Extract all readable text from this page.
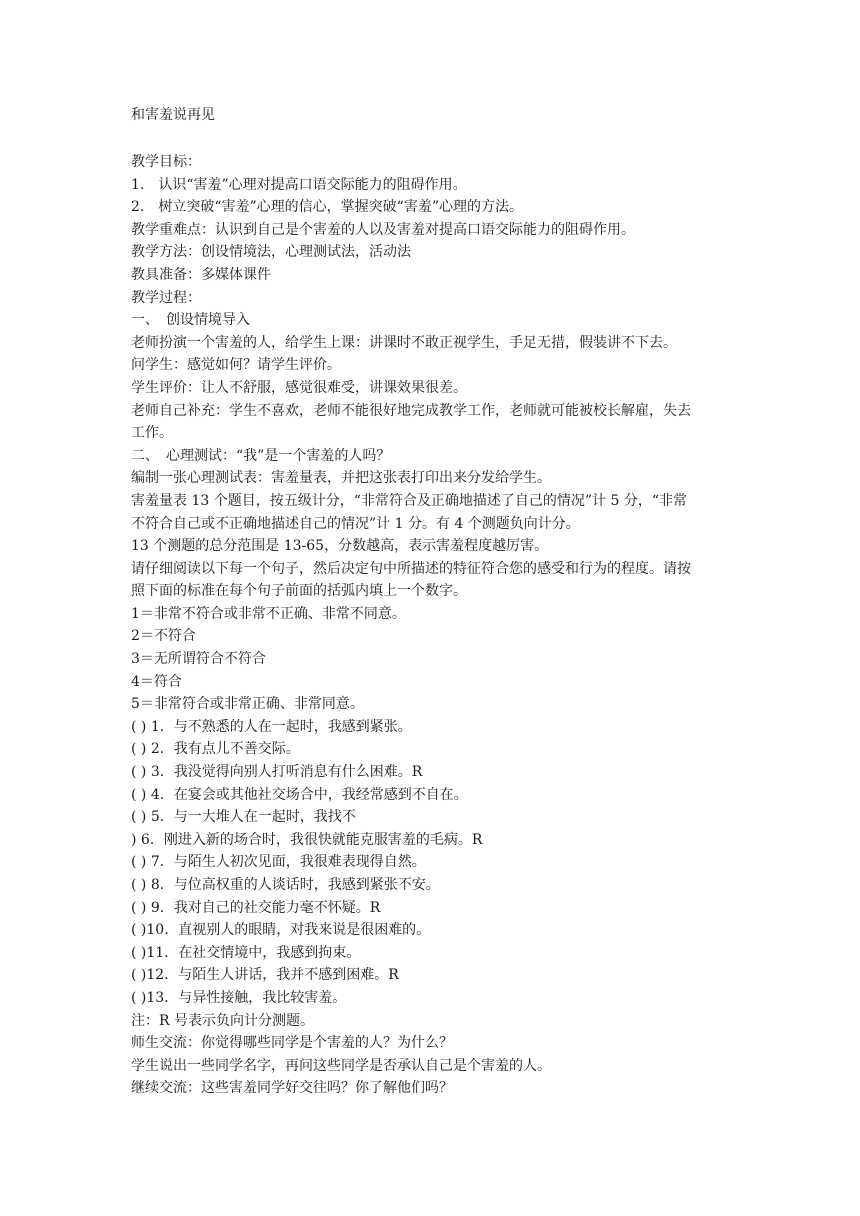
和害羞说再见
教学目标：
1.　认识“害羞”心理对提高口语交际能力的阻碍作用。
2.　树立突破“害羞”心理的信心，掌握突破“害羞”心理的方法。
教学重难点：认识到自己是个害羞的人以及害羞对提高口语交际能力的阻碍作用。
教学方法：创设情境法，心理测试法，活动法
教具准备：多媒体课件
教学过程：
一、　创设情境导入
老师扮演一个害羞的人，给学生上课：讲课时不敢正视学生，手足无措，假装讲不下去。
问学生：感觉如何？请学生评价。
学生评价：让人不舒服，感觉很难受，讲课效果很差。
老师自己补充：学生不喜欢，老师不能很好地完成教学工作，老师就可能被校长解雇，失去
工作。
二、　心理测试：“我”是一个害羞的人吗？
编制一张心理测试表：害羞量表，并把这张表打印出来分发给学生。
害羞量表 13 个题目，按五级计分，“非常符合及正确地描述了自己的情况”计 5 分，“非常
不符合自己或不正确地描述自己的情况”计 1 分。有 4 个测题负向计分。
13 个测题的总分范围是 13-65，分数越高，表示害羞程度越厉害。
请仔细阅读以下每一个句子，然后决定句中所描述的特征符合您的感受和行为的程度。请按
照下面的标准在每个句子前面的括弧内填上一个数字。
1＝非常不符合或非常不正确、非常不同意。
2＝不符合
3＝无所谓符合不符合
4＝符合
5＝非常符合或非常正确、非常同意。
( ) 1．与不熟悉的人在一起时，我感到紧张。
( ) 2．我有点儿不善交际。
( ) 3．我没觉得向别人打听消息有什么困难。R
( ) 4．在宴会或其他社交场合中，我经常感到不自在。
( ) 5．与一大堆人在一起时，我找不
) 6．刚进入新的场合时，我很快就能克服害羞的毛病。R
( ) 7．与陌生人初次见面，我很难表现得自然。
( ) 8．与位高权重的人谈话时，我感到紧张不安。
( ) 9．我对自己的社交能力毫不怀疑。R
( )10．直视别人的眼睛，对我来说是很困难的。
( )11．在社交情境中，我感到拘束。
( )12．与陌生人讲话，我并不感到困难。R
( )13．与异性接触，我比较害羞。
注：R 号表示负向计分测题。
师生交流：你觉得哪些同学是个害羞的人？为什么？
学生说出一些同学名字，再问这些同学是否承认自己是个害羞的人。
继续交流：这些害羞同学好交往吗？你了解他们吗？
